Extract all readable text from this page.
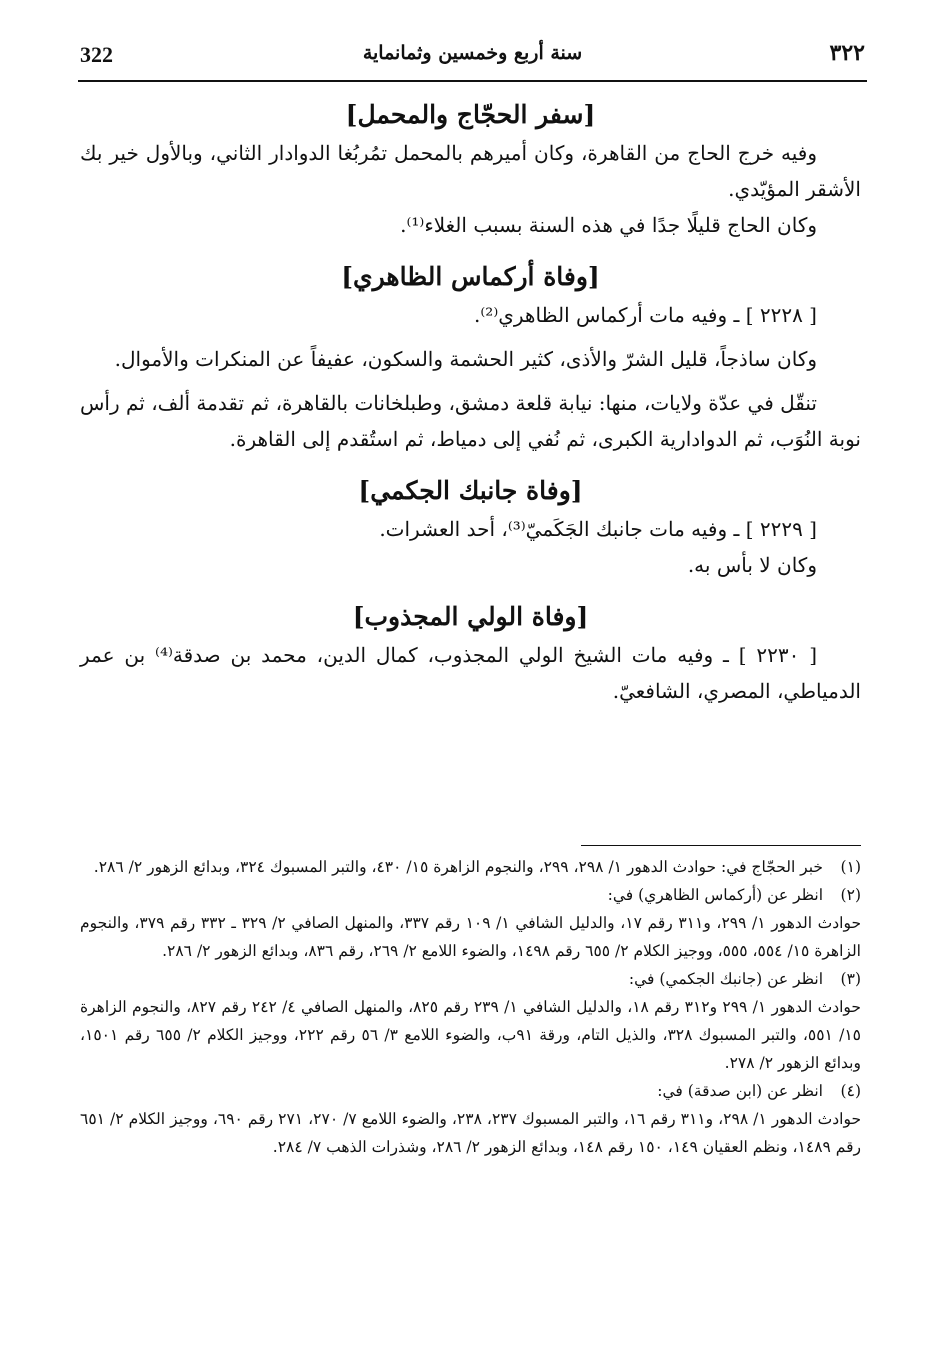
322	سنة أربع وخمسين وثمانماية	٣٢٢
[سفر الحجّاج والمحمل]

وفيه خرج الحاج من القاهرة، وكان أميرهم بالمحمل تمُربُغا الدوادار الثاني، وبالأول خير بك الأشقر المؤيّدي.

وكان الحاج قليلًا جدًا في هذه السنة بسبب الغلاء⁽¹⁾.

[وفاة أركماس الظاهري]

[ ٢٢٢٨ ] ـ وفيه مات أركماس الظاهري⁽²⁾.

وكان ساذجاً، قليل الشرّ والأذى، كثير الحشمة والسكون، عفيفاً عن المنكرات والأموال.

تنقّل في عدّة ولايات، منها: نيابة قلعة دمشق، وطبلخانات بالقاهرة، ثم تقدمة ألف، ثم رأس نوبة النُوَب، ثم الدوادارية الكبرى، ثم نُفي إلى دمياط، ثم استُقدم إلى القاهرة.

[وفاة جانبك الجكمي]

[ ٢٢٢٩ ] ـ وفيه مات جانبك الجَكَميّ⁽³⁾، أحد العشرات.

وكان لا بأس به.

[وفاة الولي المجذوب]

[ ٢٢٣٠ ] ـ وفيه مات الشيخ الولي المجذوب، كمال الدين، محمد بن صدقة⁽⁴⁾ بن عمر الدمياطي، المصري، الشافعيّ.

(١)خبر الحجّاج في: حوادث الدهور ١/ ٢٩٨، ٢٩٩، والنجوم الزاهرة ١٥/ ٤٣٠، والتبر المسبوك ٣٢٤، وبدائع الزهور ٢/ ٢٨٦.

(٢)انظر عن (أركماس الظاهري) في:

حوادث الدهور ١/ ٢٩٩، و٣١١ رقم ١٧، والدليل الشافي ١/ ١٠٩ رقم ٣٣٧، والمنهل الصافي ٢/ ٣٢٩ ـ ٣٣٢ رقم ٣٧٩، والنجوم الزاهرة ١٥/ ٥٥٤، ٥٥٥، ووجيز الكلام ٢/ ٦٥٥ رقم ١٤٩٨، والضوء اللامع ٢/ ٢٦٩، رقم ٨٣٦، وبدائع الزهور ٢/ ٢٨٦.

(٣)انظر عن (جانبك الجكمي) في:

حوادث الدهور ١/ ٢٩٩ و٣١٢ رقم ١٨، والدليل الشافي ١/ ٢٣٩ رقم ٨٢٥، والمنهل الصافي ٤/ ٢٤٢ رقم ٨٢٧، والنجوم الزاهرة ١٥/ ٥٥١، والتبر المسبوك ٣٢٨، والذيل التام، ورقة ٩١ب، والضوء اللامع ٣/ ٥٦ رقم ٢٢٢، ووجيز الكلام ٢/ ٦٥٥ رقم ١٥٠١، وبدائع الزهور ٢/ ٢٧٨.

(٤)انظر عن (ابن صدقة) في:

حوادث الدهور ١/ ٢٩٨، و٣١١ رقم ١٦، والتبر المسبوك ٢٣٧، ٢٣٨، والضوء اللامع ٧/ ٢٧٠، ٢٧١ رقم ٦٩٠، ووجيز الكلام ٢/ ٦٥١ رقم ١٤٨٩، ونظم العقيان ١٤٩، ١٥٠ رقم ١٤٨، وبدائع الزهور ٢/ ٢٨٦، وشذرات الذهب ٧/ ٢٨٤.
